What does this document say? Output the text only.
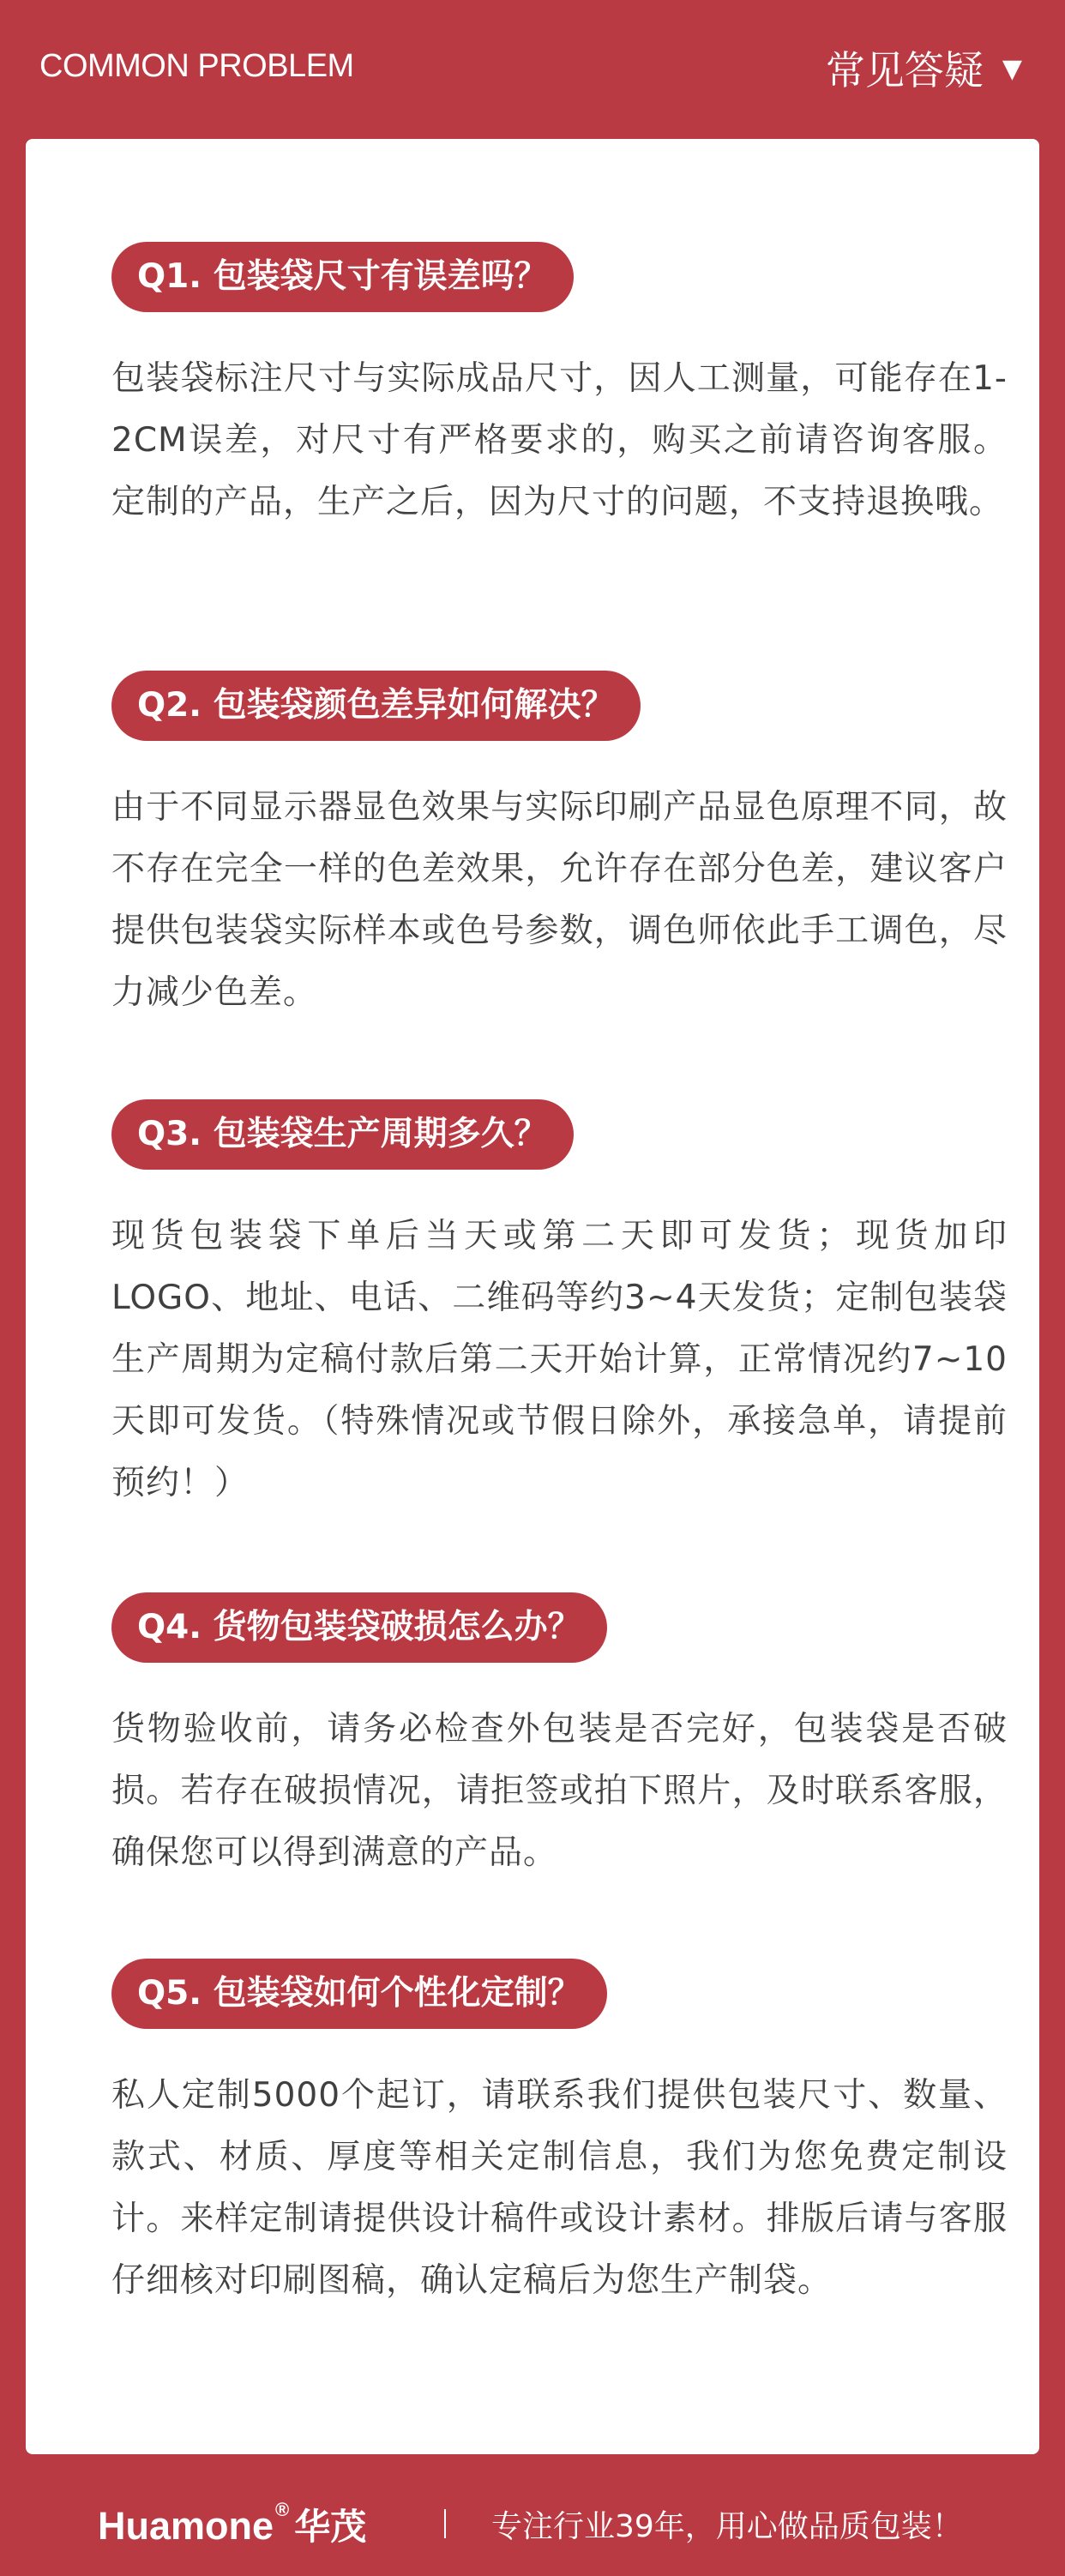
COMMON PROBLEM	常见答疑 ▼
Q1. 包装袋尺寸有误差吗？
包装袋标注尺寸与实际成品尺寸，因人工测量，可能存在1-2CM误差，对尺寸有严格要求的，购买之前请咨询客服。定制的产品，生产之后，因为尺寸的问题，不支持退换哦。
Q2. 包装袋颜色差异如何解决？
由于不同显示器显色效果与实际印刷产品显色原理不同，故不存在完全一样的色差效果，允许存在部分色差，建议客户提供包装袋实际样本或色号参数，调色师依此手工调色，尽力减少色差。
Q3. 包装袋生产周期多久？
现货包装袋下单后当天或第二天即可发货；现货加印LOGO、地址、电话、二维码等约3~4天发货；定制包装袋生产周期为定稿付款后第二天开始计算，正常情况约7~10天即可发货。（特殊情况或节假日除外，承接急单，请提前预约！）
Q4. 货物包装袋破损怎么办？
货物验收前，请务必检查外包装是否完好，包装袋是否破损。若存在破损情况，请拒签或拍下照片，及时联系客服，确保您可以得到满意的产品。
Q5. 包装袋如何个性化定制？
私人定制5000个起订，请联系我们提供包装尺寸、数量、款式、材质、厚度等相关定制信息，我们为您免费定制设计。来样定制请提供设计稿件或设计素材。排版后请与客服仔细核对印刷图稿，确认定稿后为您生产制袋。
Huamone® 华茂	专注行业39年，用心做品质包装！
